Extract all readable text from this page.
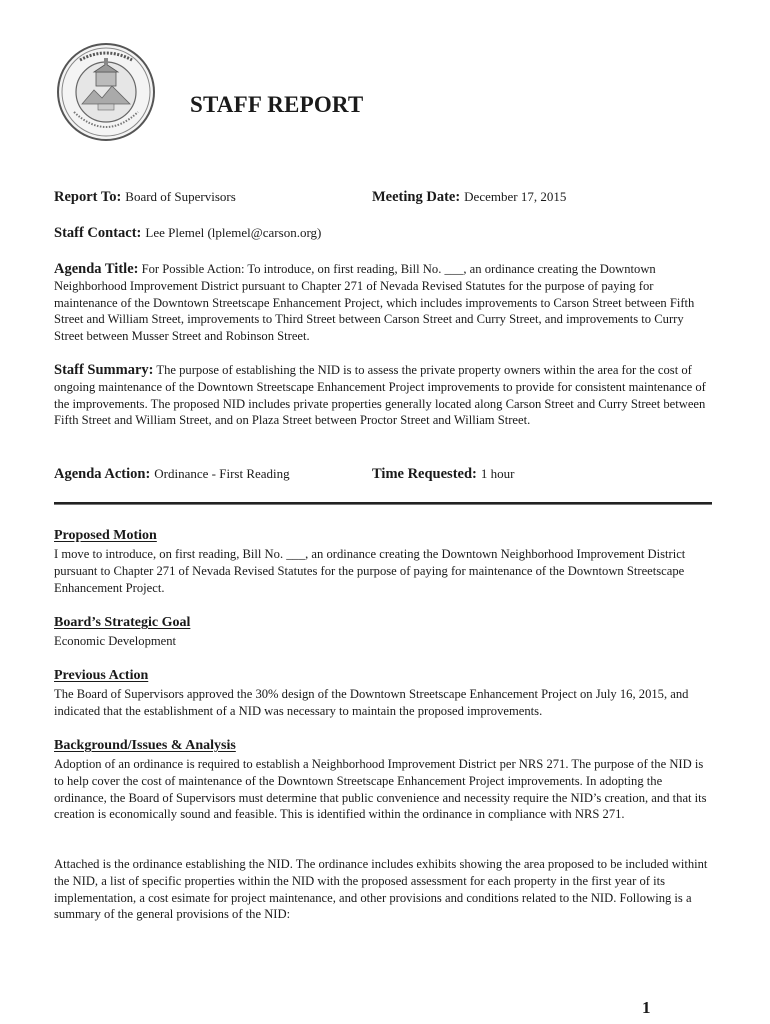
STAFF REPORT
Report To: Board of Supervisors	Meeting Date: December 17, 2015
Staff Contact: Lee Plemel (lplemel@carson.org)

Agenda Title: For Possible Action: To introduce, on first reading, Bill No. ___, an ordinance creating the Downtown Neighborhood Improvement District pursuant to Chapter 271 of Nevada Revised Statutes for the purpose of paying for maintenance of the Downtown Streetscape Enhancement Project, which includes improvements to Carson Street between Fifth Street and William Street, improvements to Third Street between Carson Street and Curry Street, and improvements to Curry Street between Musser Street and Robinson Street.

Staff Summary: The purpose of establishing the NID is to assess the private property owners within the area for the cost of ongoing maintenance of the Downtown Streetscape Enhancement Project improvements to provide for consistent maintenance of the improvements. The proposed NID includes private properties generally located along Carson Street and Curry Street between Fifth Street and William Street, and on Plaza Street between Proctor Street and William Street.

Agenda Action: Ordinance - First Reading	Time Requested: 1 hour
Proposed Motion

I move to introduce, on first reading, Bill No. ___, an ordinance creating the Downtown Neighborhood Improvement District pursuant to Chapter 271 of Nevada Revised Statutes for the purpose of paying for maintenance of the Downtown Streetscape Enhancement Project.

Board’s Strategic Goal

Economic Development

Previous Action

The Board of Supervisors approved the 30% design of the Downtown Streetscape Enhancement Project on July 16, 2015, and indicated that the establishment of a NID was necessary to maintain the proposed improvements.

Background/Issues & Analysis

Adoption of an ordinance is required to establish a Neighborhood Improvement District per NRS 271. The purpose of the NID is to help cover the cost of maintenance of the Downtown Streetscape Enhancement Project improvements. In adopting the ordinance, the Board of Supervisors must determine that public convenience and necessity require the NID’s creation, and that its creation is economically sound and feasible. This is identified within the ordinance in compliance with NRS 271.

Attached is the ordinance establishing the NID. The ordinance includes exhibits showing the area proposed to be included withint the NID, a list of specific properties within the NID with the proposed assessment for each property in the first year of its implementation, a cost esimate for project maintenance, and other provisions and conditions related to the NID. Following is a summary of the general provisions of the NID:

1
